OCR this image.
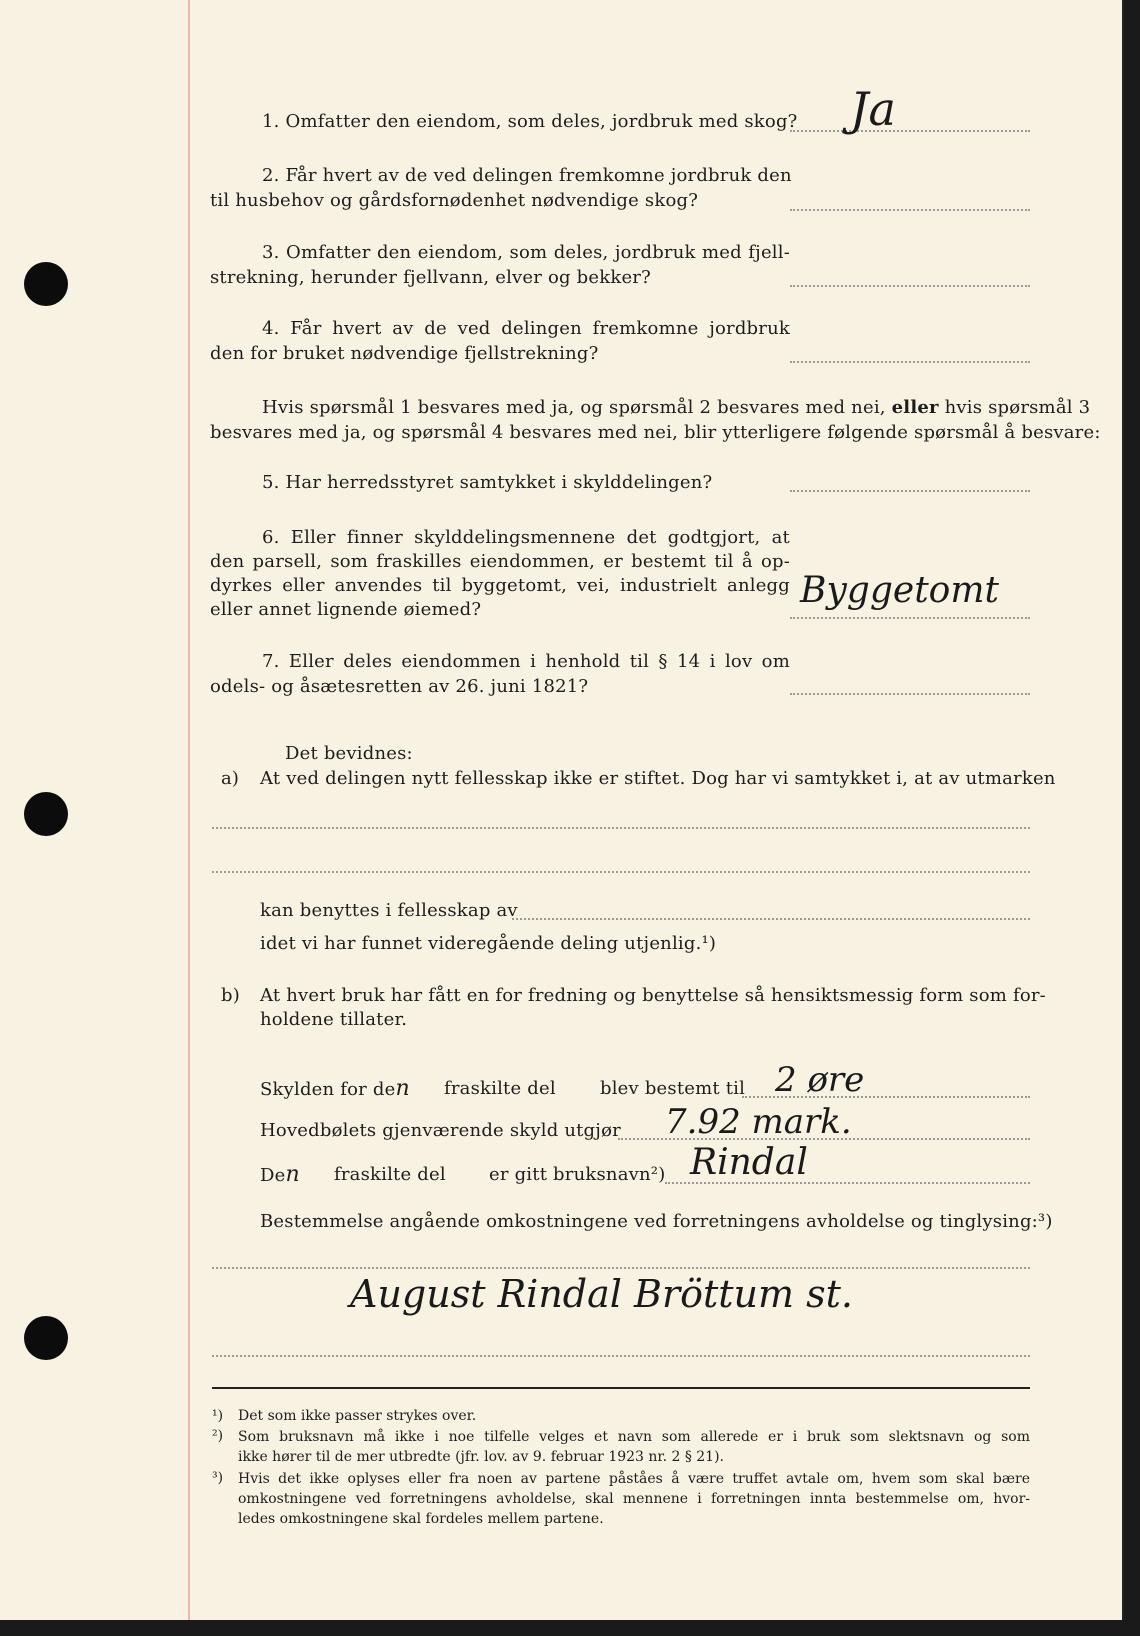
1. Omfatter den eiendom, som deles, jordbruk med skog? Ja
2. Får hvert av de ved delingen fremkomne jordbruk den
til husbehov og gårdsfornødenhet nødvendige skog?
3. Omfatter den eiendom, som deles, jordbruk med fjell-
strekning, herunder fjellvann, elver og bekker?
4. Får hvert av de ved delingen fremkomne jordbruk
den for bruket nødvendige fjellstrekning?
Hvis spørsmål 1 besvares med ja, og spørsmål 2 besvares med nei, eller hvis spørsmål 3
besvares med ja, og spørsmål 4 besvares med nei, blir ytterligere følgende spørsmål å besvare:
5. Har herredsstyret samtykket i skylddelingen?
6. Eller finner skylddelingsmennene det godtgjort, at
den parsell, som fraskilles eiendommen, er bestemt til å op-
dyrkes eller anvendes til byggetomt, vei, industrielt anlegg
eller annet lignende øiemed?	Byggetomt
7. Eller deles eiendommen i henhold til § 14 i lov om
odels- og åsætesretten av 26. juni 1821?
Det bevidnes:
a) At ved delingen nytt fellesskap ikke er stiftet. Dog har vi samtykket i, at av utmarken
kan benyttes i fellesskap av
idet vi har funnet videregående deling utjenlig.¹)
b) At hvert bruk har fått en for fredning og benyttelse så hensiktsmessig form som for-
holdene tillater.
Skylden for den fraskilte del blev bestemt til 2 øre
Hovedbølets gjenværende skyld utgjør 7.92 mark.
Den fraskilte del er gitt bruksnavn²) Rindal
Bestemmelse angående omkostningene ved forretningens avholdelse og tinglysing:³)
August Rindal Bröttum st.
¹) Det som ikke passer strykes over.
²) Som bruksnavn må ikke i noe tilfelle velges et navn som allerede er i bruk som slektsnavn og som
ikke hører til de mer utbredte (jfr. lov. av 9. februar 1923 nr. 2 § 21).
³) Hvis det ikke oplyses eller fra noen av partene påståes å være truffet avtale om, hvem som skal bære
omkostningene ved forretningens avholdelse, skal mennene i forretningen innta bestemmelse om, hvor-
ledes omkostningene skal fordeles mellem partene.
